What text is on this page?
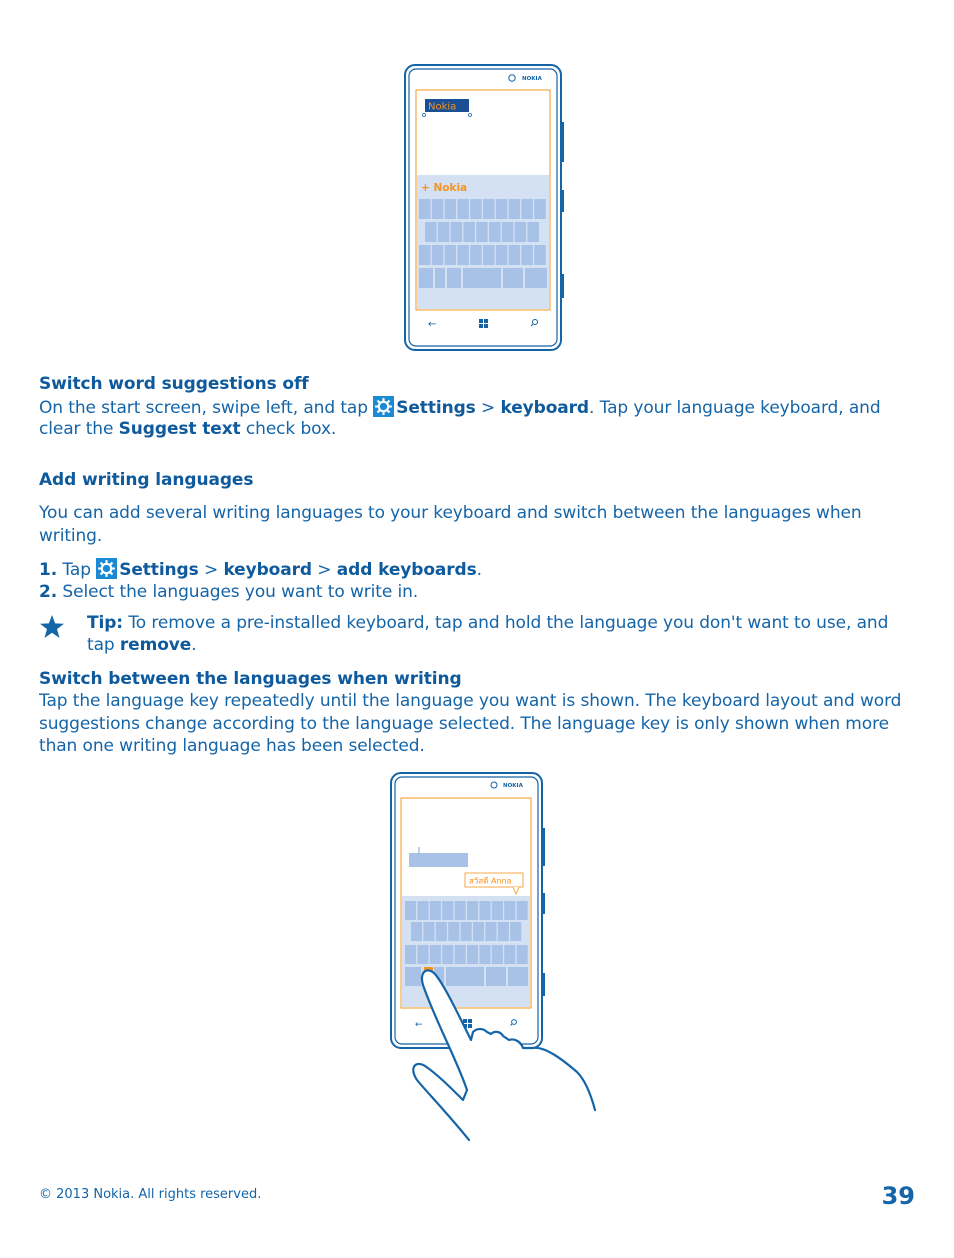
NOKIA
Nokia
+ Nokia
←
Switch word suggestions off
On the start screen, swipe left, and tap Settings > keyboard. Tap your language keyboard, and
clear the Suggest text check box.
Add writing languages
You can add several writing languages to your keyboard and switch between the languages when
writing.
1. Tap Settings > keyboard > add keyboards.
2. Select the languages you want to write in.
Tip: To remove a pre-installed keyboard, tap and hold the language you don't want to use, and
tap remove.
Switch between the languages when writing
Tap the language key repeatedly until the language you want is shown. The keyboard layout and word
suggestions change according to the language selected. The language key is only shown when more
than one writing language has been selected.
NOKIA
สวัสดี Anna
←
© 2013 Nokia. All rights reserved.	39
